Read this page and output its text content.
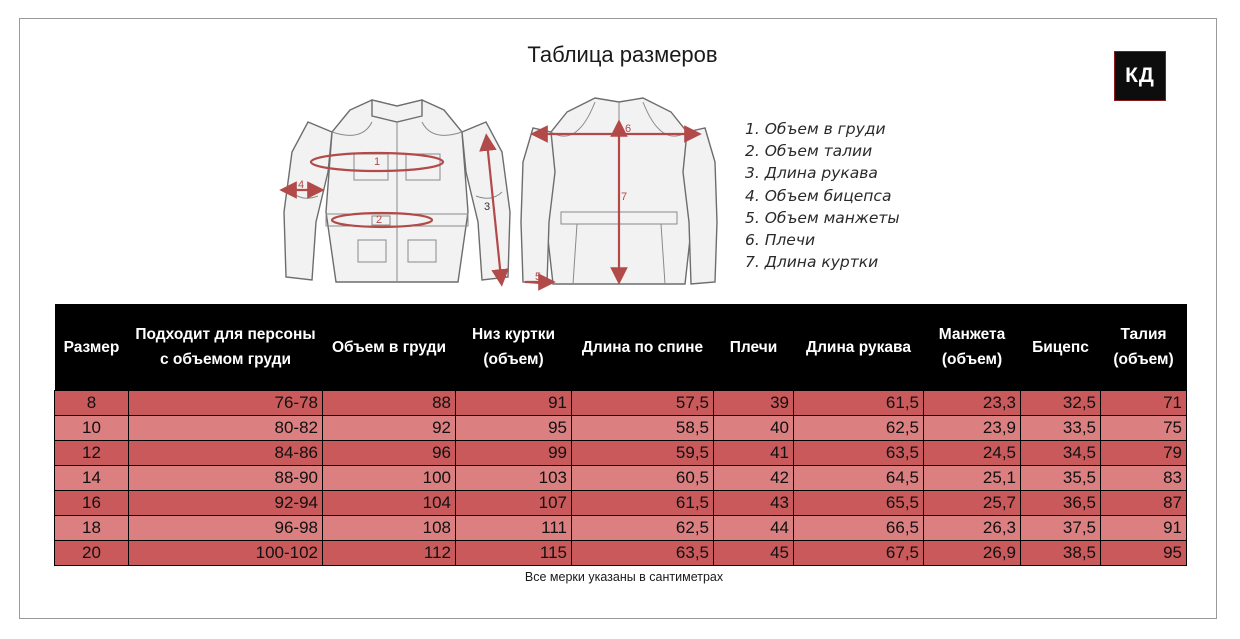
Таблица размеров
КД
1
2
3
4
5
6
7
1. Объем в груди
2. Объем талии
3. Длина рукава
4. Объем бицепса
5. Объем манжеты
6. Плечи
7. Длина куртки
Размер	Подходит для персоны с объемом груди	Объем в груди	Низ куртки (объем)	Длина по спине	Плечи	Длина рукава	Манжета (объем)	Бицепс	Талия (объем)
8	76-78	88	91	57,5	39	61,5	23,3	32,5	71
10	80-82	92	95	58,5	40	62,5	23,9	33,5	75
12	84-86	96	99	59,5	41	63,5	24,5	34,5	79
14	88-90	100	103	60,5	42	64,5	25,1	35,5	83
16	92-94	104	107	61,5	43	65,5	25,7	36,5	87
18	96-98	108	111	62,5	44	66,5	26,3	37,5	91
20	100-102	112	115	63,5	45	67,5	26,9	38,5	95
Все мерки указаны в сантиметрах
